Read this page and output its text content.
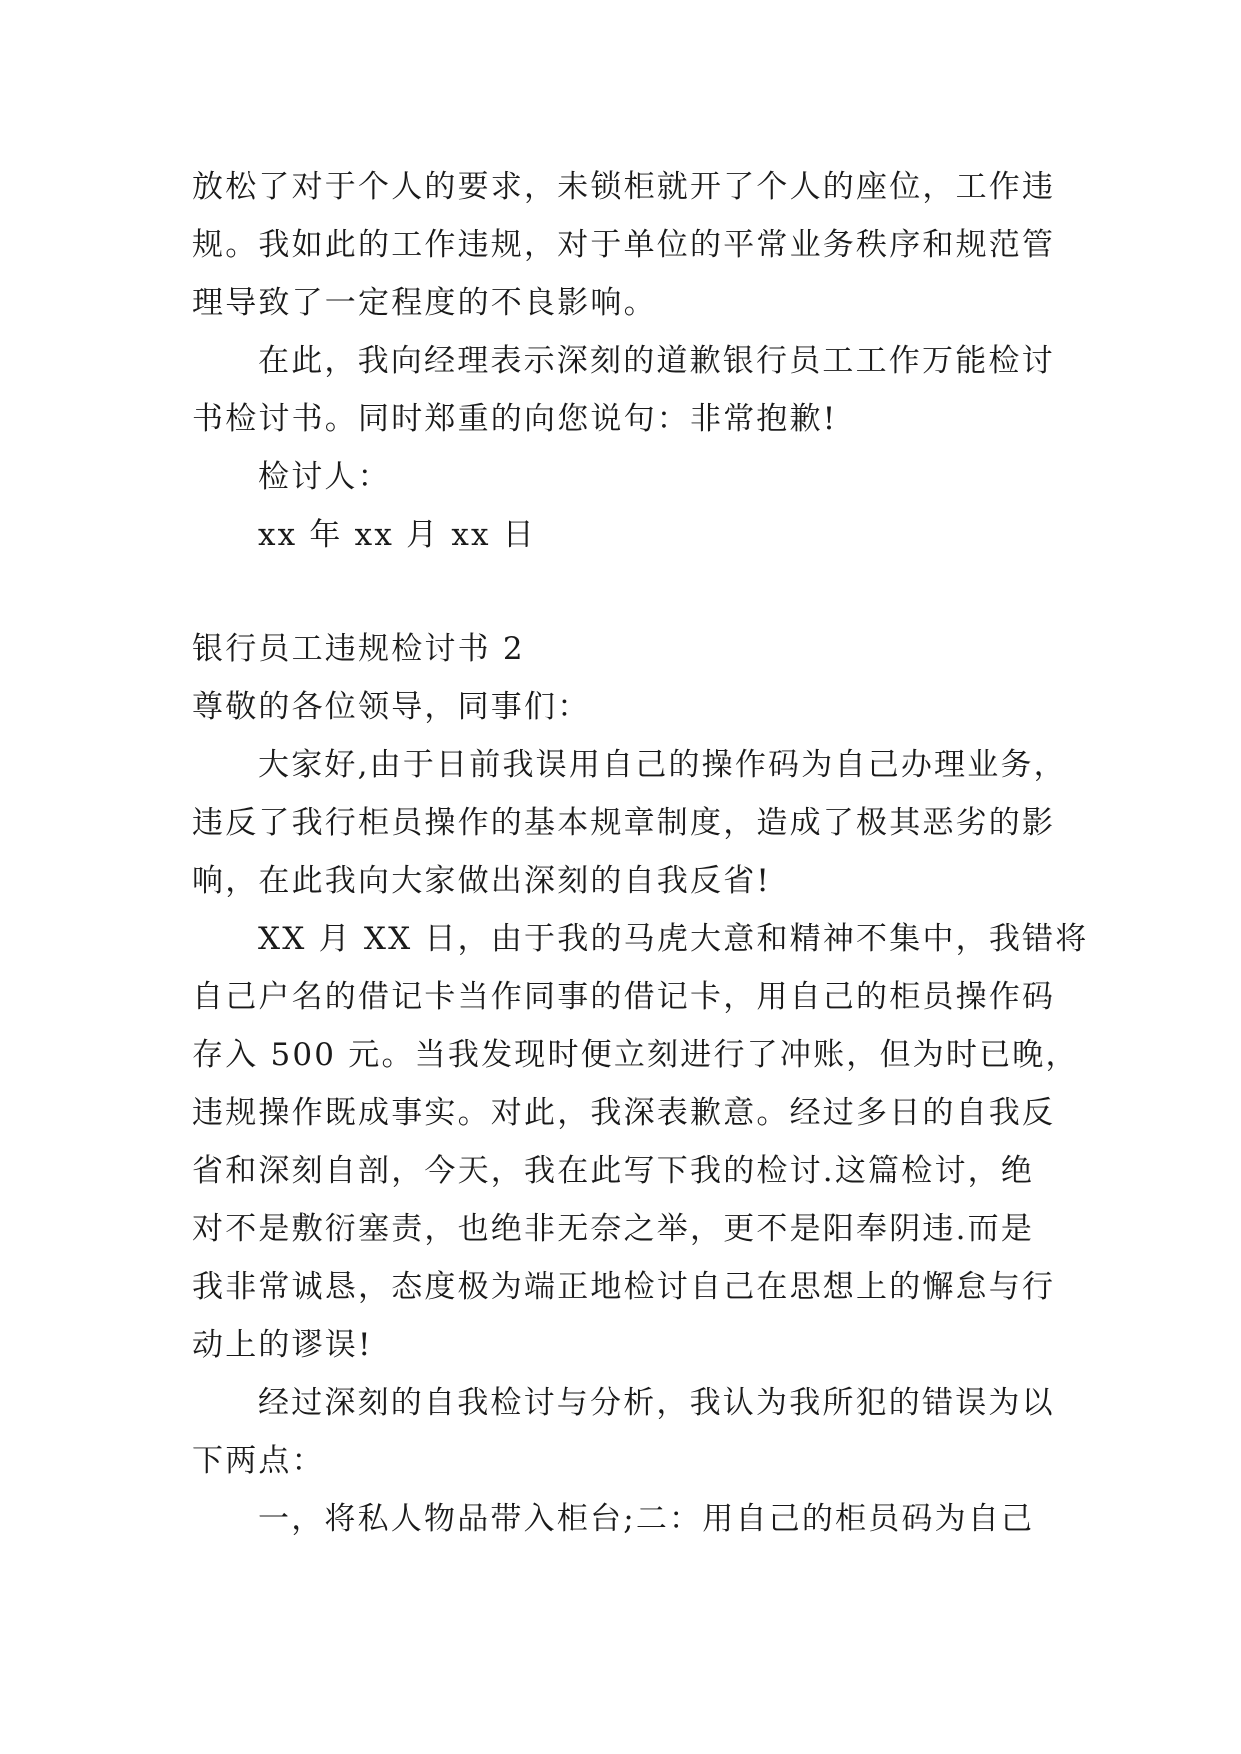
放松了对于个人的要求，未锁柜就开了个人的座位，工作违
规。我如此的工作违规，对于单位的平常业务秩序和规范管
理导致了一定程度的不良影响。
在此，我向经理表示深刻的道歉银行员工工作万能检讨
书检讨书。同时郑重的向您说句：非常抱歉!
检讨人：
xx 年 xx 月 xx 日
银行员工违规检讨书 2
尊敬的各位领导，同事们：
大家好,由于日前我误用自己的操作码为自己办理业务，
违反了我行柜员操作的基本规章制度，造成了极其恶劣的影
响，在此我向大家做出深刻的自我反省!
XX 月 XX 日，由于我的马虎大意和精神不集中，我错将
自己户名的借记卡当作同事的借记卡，用自己的柜员操作码
存入 500 元。当我发现时便立刻进行了冲账，但为时已晚，
违规操作既成事实。对此，我深表歉意。经过多日的自我反
省和深刻自剖，今天，我在此写下我的检讨.这篇检讨，绝
对不是敷衍塞责，也绝非无奈之举，更不是阳奉阴违.而是
我非常诚恳，态度极为端正地检讨自己在思想上的懈怠与行
动上的谬误!
经过深刻的自我检讨与分析，我认为我所犯的错误为以
下两点：
一，将私人物品带入柜台;二：用自己的柜员码为自己
